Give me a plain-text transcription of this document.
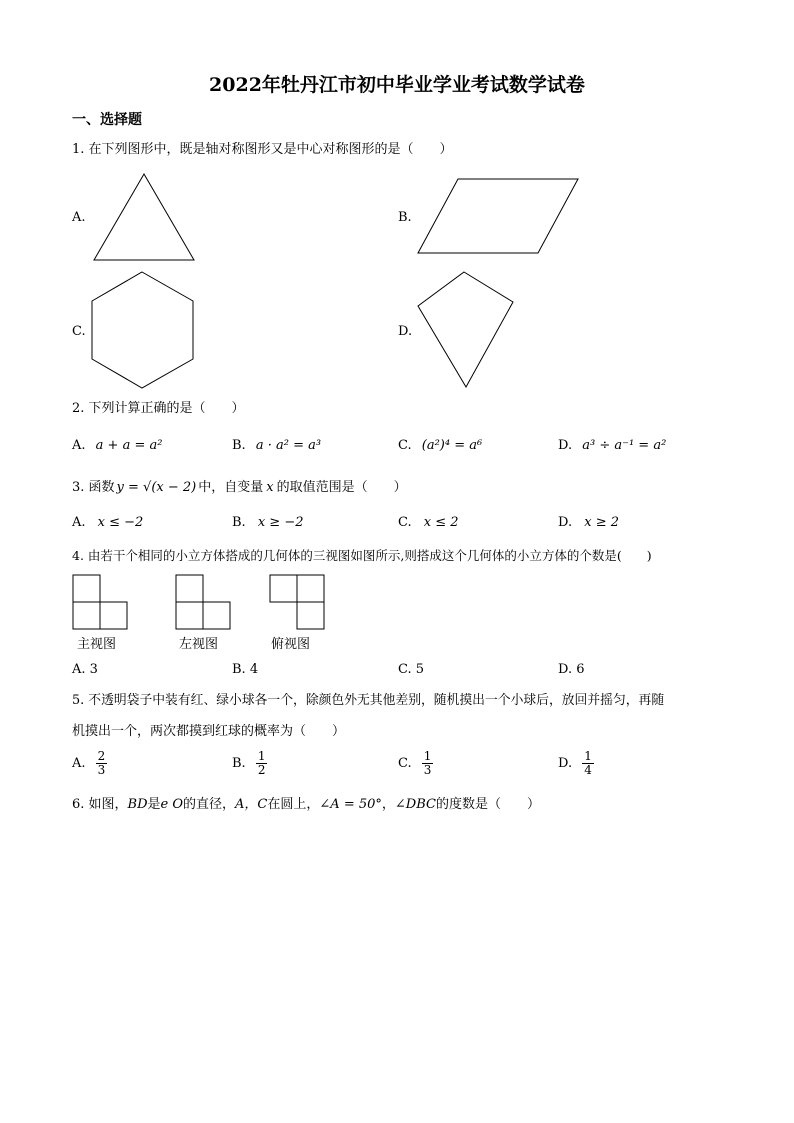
2022年牡丹江市初中毕业学业考试数学试卷
一、选择题
1. 在下列图形中，既是轴对称图形又是中心对称图形的是（　　）
A.	B.
C.	D.
2. 下列计算正确的是（　　）
A. a + a = a²	B. a · a² = a³	C. (a²)⁴ = a⁶	D. a³ ÷ a⁻¹ = a²
3. 函数 y = √(x − 2) 中，自变量 x 的取值范围是（　　）
A. x ≤ −2	B. x ≥ −2	C. x ≤ 2	D. x ≥ 2
4. 由若干个相同的小立方体搭成的几何体的三视图如图所示,则搭成这个几何体的小立方体的个数是(　　)
主视图	左视图	俯视图
A. 3	B. 4	C. 5	D. 6
5. 不透明袋子中装有红、绿小球各一个，除颜色外无其他差别，随机摸出一个小球后，放回并摇匀，再随
机摸出一个，两次都摸到红球的概率为（　　）
A. $\frac{2}{3}$	B. $\frac{1}{2}$	C. $\frac{1}{3}$	D. $\frac{1}{4}$
6. 如图，BD是e O的直径，A，C在圆上，∠A = 50°，∠DBC的度数是（　　）
